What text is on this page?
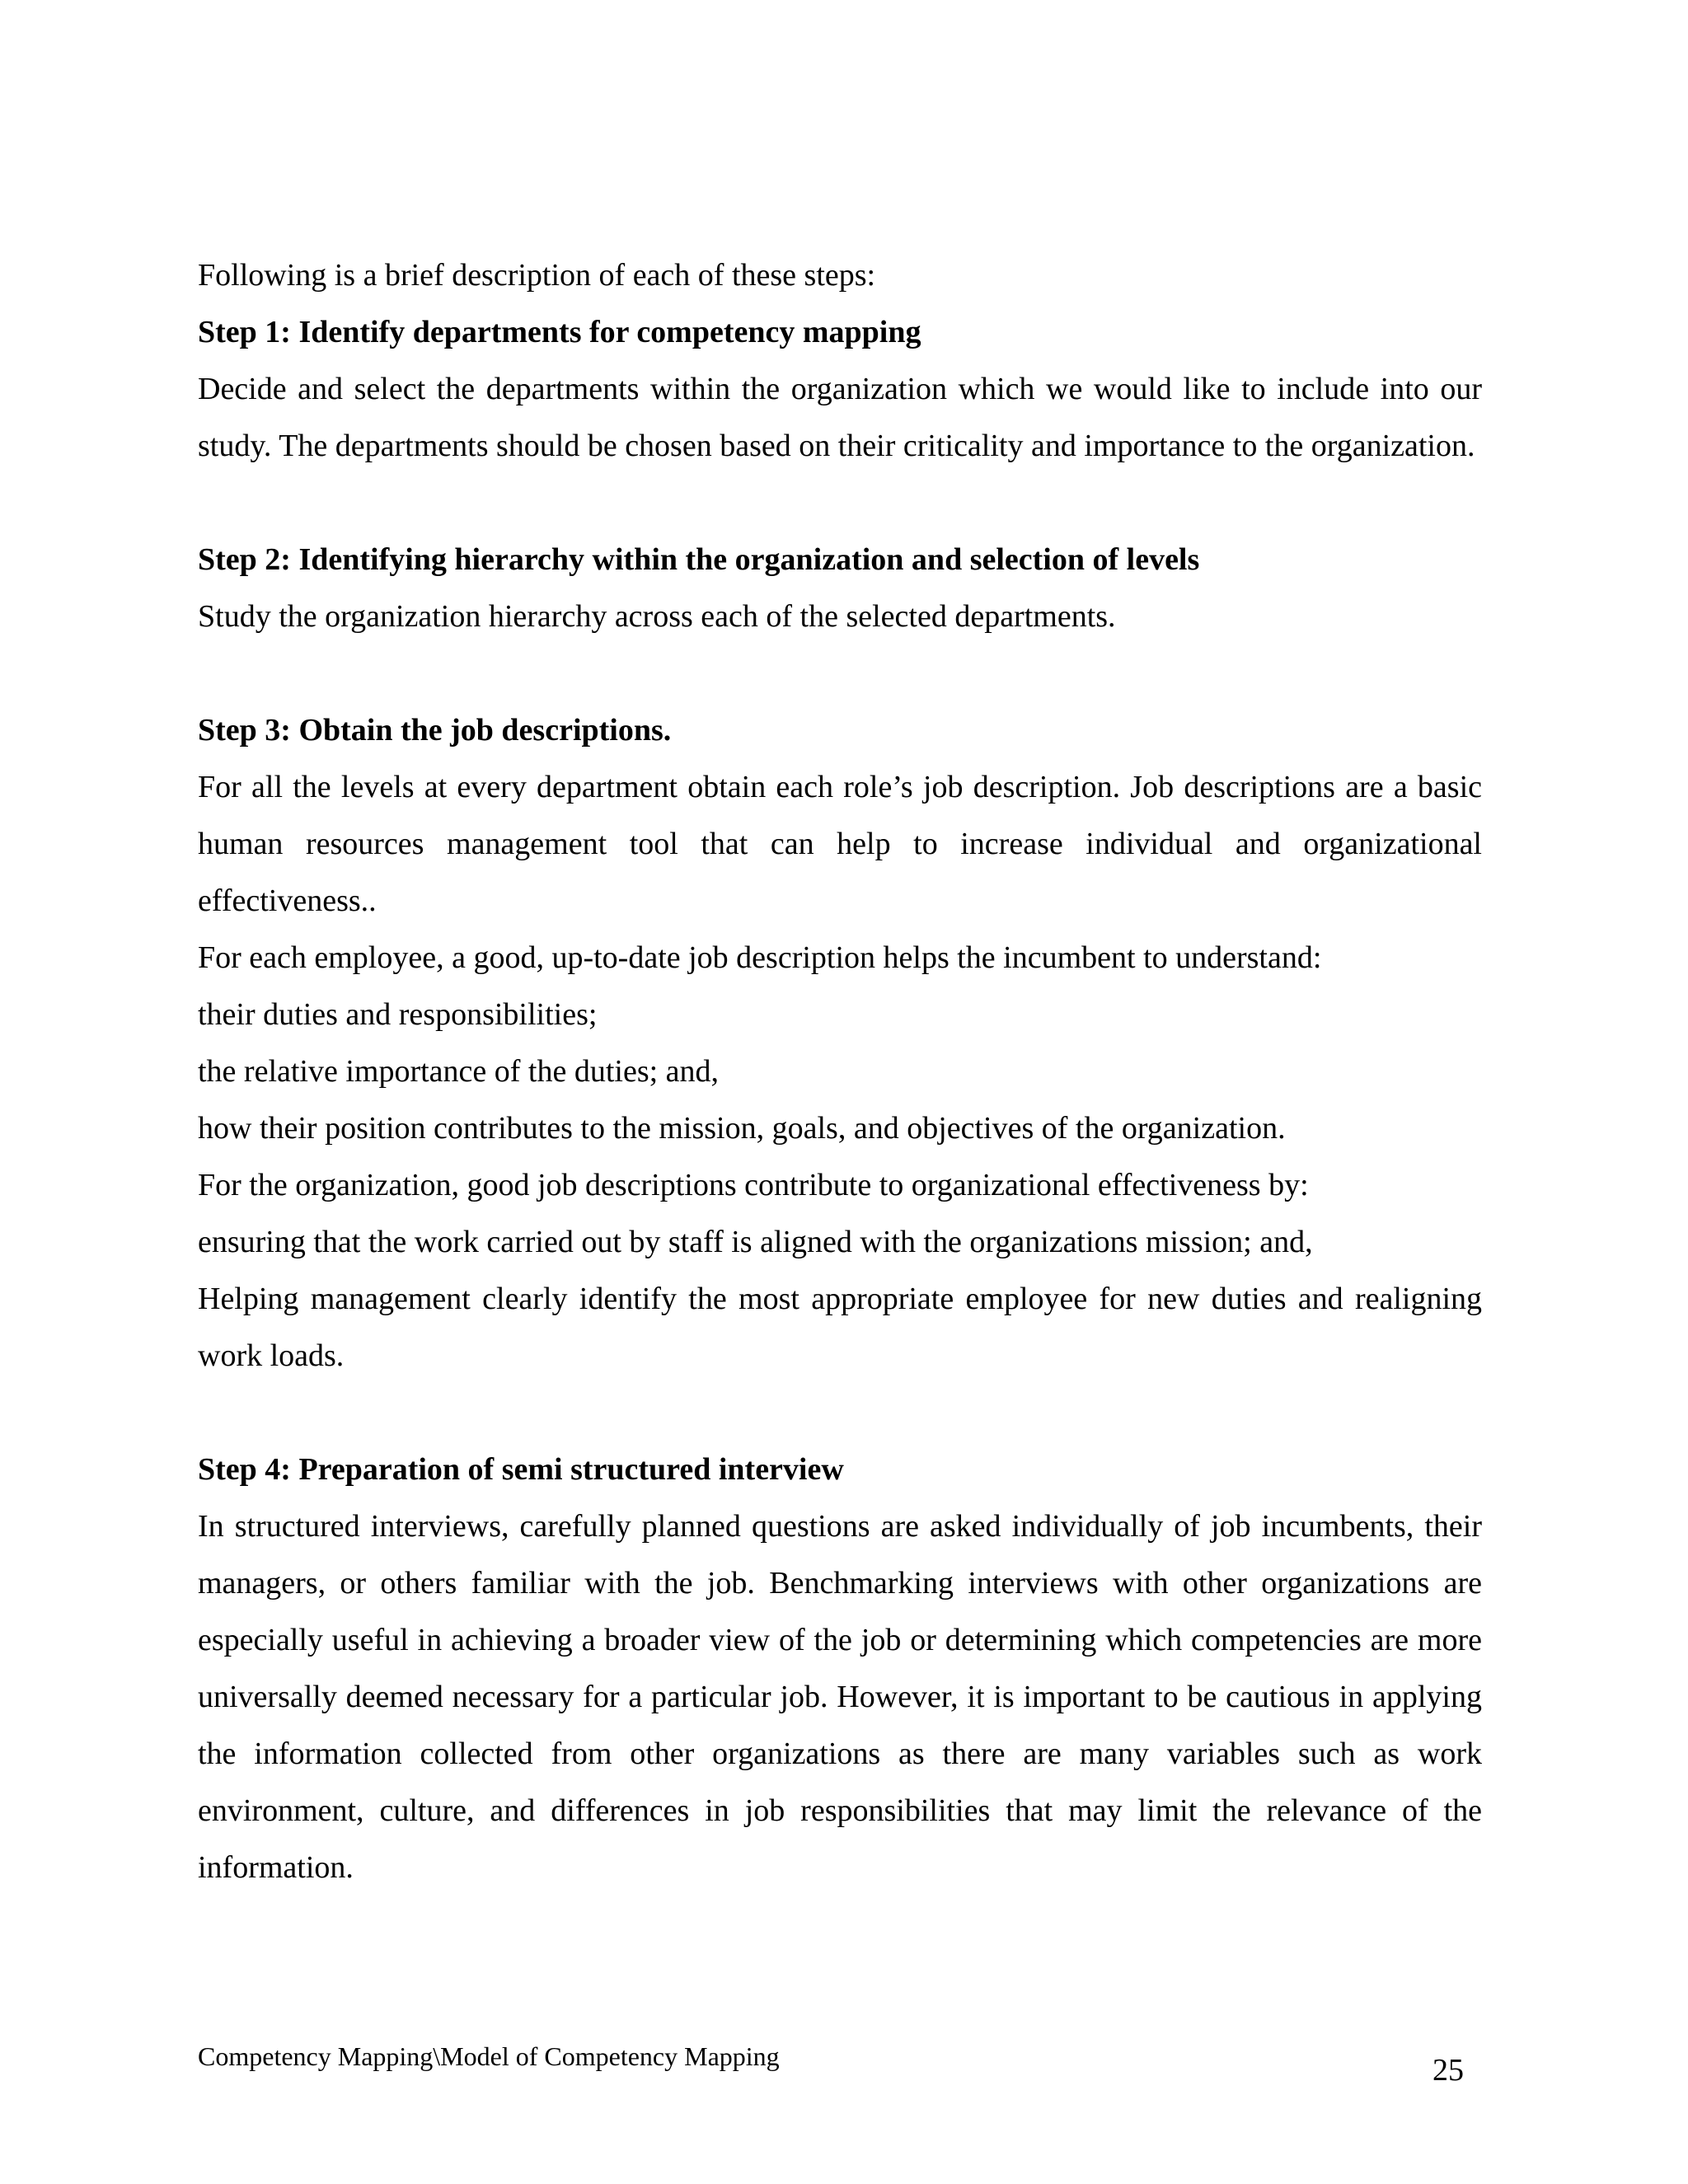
Following is a brief description of each of these steps:

Step 1: Identify departments for competency mapping

Decide and select the departments within the organization which we would like to include into our study. The departments should be chosen based on their criticality and importance to the organization.

Step 2: Identifying hierarchy within the organization and selection of levels

Study the organization hierarchy across each of the selected departments.

Step 3: Obtain the job descriptions.

For all the levels at every department obtain each role’s job description. Job descriptions are a basic human resources management tool that can help to increase individual and organizational effectiveness..

For each employee, a good, up-to-date job description helps the incumbent to understand:

their duties and responsibilities;

the relative importance of the duties; and,

how their position contributes to the mission, goals, and objectives of the organization.

For the organization, good job descriptions contribute to organizational effectiveness by:

ensuring that the work carried out by staff is aligned with the organizations mission; and,

Helping management clearly identify the most appropriate employee for new duties and realigning work loads.

Step 4: Preparation of semi structured interview

In structured interviews, carefully planned questions are asked individually of job incumbents, their managers, or others familiar with the job. Benchmarking interviews with other organizations are especially useful in achieving a broader view of the job or determining which competencies are more universally deemed necessary for a particular job. However, it is important to be cautious in applying the information collected from other organizations as there are many variables such as work environment, culture, and differences in job responsibilities that may limit the relevance of the information.

Competency Mapping\Model of Competency Mapping	25
